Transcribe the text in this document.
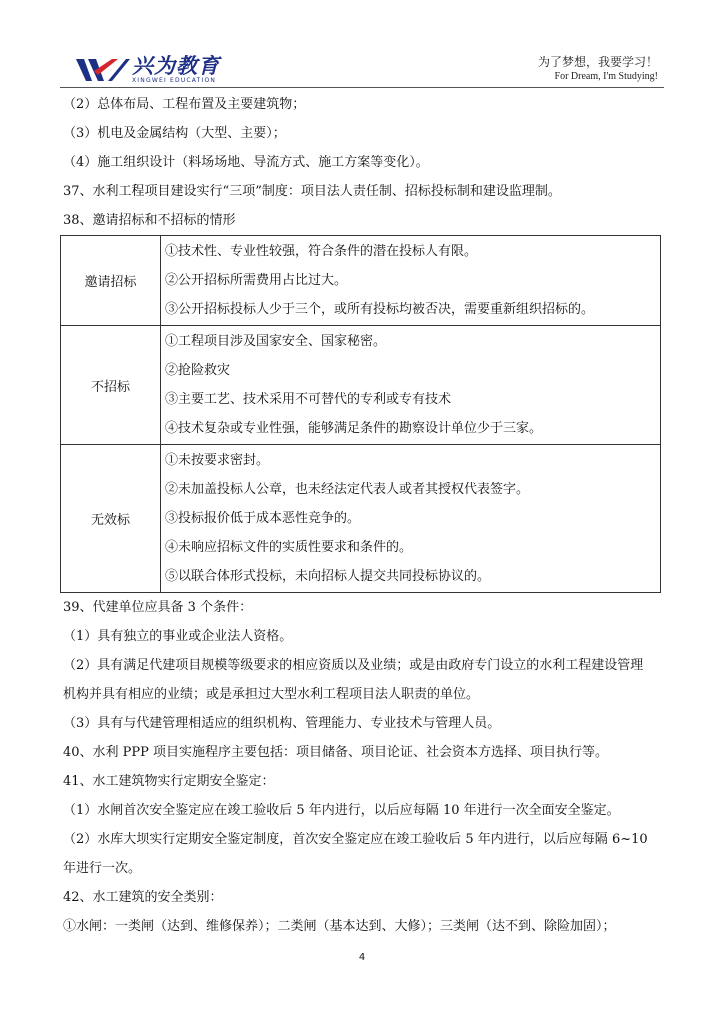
兴为教育
XINGWEI EDUCATION
为了梦想，我要学习！
For Dream, I'm Studying!
（2）总体布局、工程布置及主要建筑物；
（3）机电及金属结构（大型、主要）；
（4）施工组织设计（料场场地、导流方式、施工方案等变化）。
37、水利工程项目建设实行“三项”制度：项目法人责任制、招标投标制和建设监理制。
38、邀请招标和不招标的情形
邀请招标	①技术性、专业性较强，符合条件的潜在投标人有限。
②公开招标所需费用占比过大。
③公开招标投标人少于三个，或所有投标均被否决，需要重新组织招标的。

不招标	①工程项目涉及国家安全、国家秘密。
②抢险救灾
③主要工艺、技术采用不可替代的专利或专有技术
④技术复杂或专业性强，能够满足条件的勘察设计单位少于三家。

无效标	①未按要求密封。
②未加盖投标人公章，也未经法定代表人或者其授权代表签字。
③投标报价低于成本恶性竞争的。
④未响应招标文件的实质性要求和条件的。
⑤以联合体形式投标，未向招标人提交共同投标协议的。
39、代建单位应具备 3 个条件：
（1）具有独立的事业或企业法人资格。
（2）具有满足代建项目规模等级要求的相应资质以及业绩；或是由政府专门设立的水利工程建设管理
机构并具有相应的业绩；或是承担过大型水利工程项目法人职责的单位。
（3）具有与代建管理相适应的组织机构、管理能力、专业技术与管理人员。
40、水利 PPP 项目实施程序主要包括：项目储备、项目论证、社会资本方选择、项目执行等。
41、水工建筑物实行定期安全鉴定：
（1）水闸首次安全鉴定应在竣工验收后 5 年内进行，以后应每隔 10 年进行一次全面安全鉴定。
（2）水库大坝实行定期安全鉴定制度，首次安全鉴定应在竣工验收后 5 年内进行，以后应每隔 6~10
年进行一次。
42、水工建筑的安全类别：
①水闸：一类闸（达到、维修保养）；二类闸（基本达到、大修）；三类闸（达不到、除险加固）；
4
